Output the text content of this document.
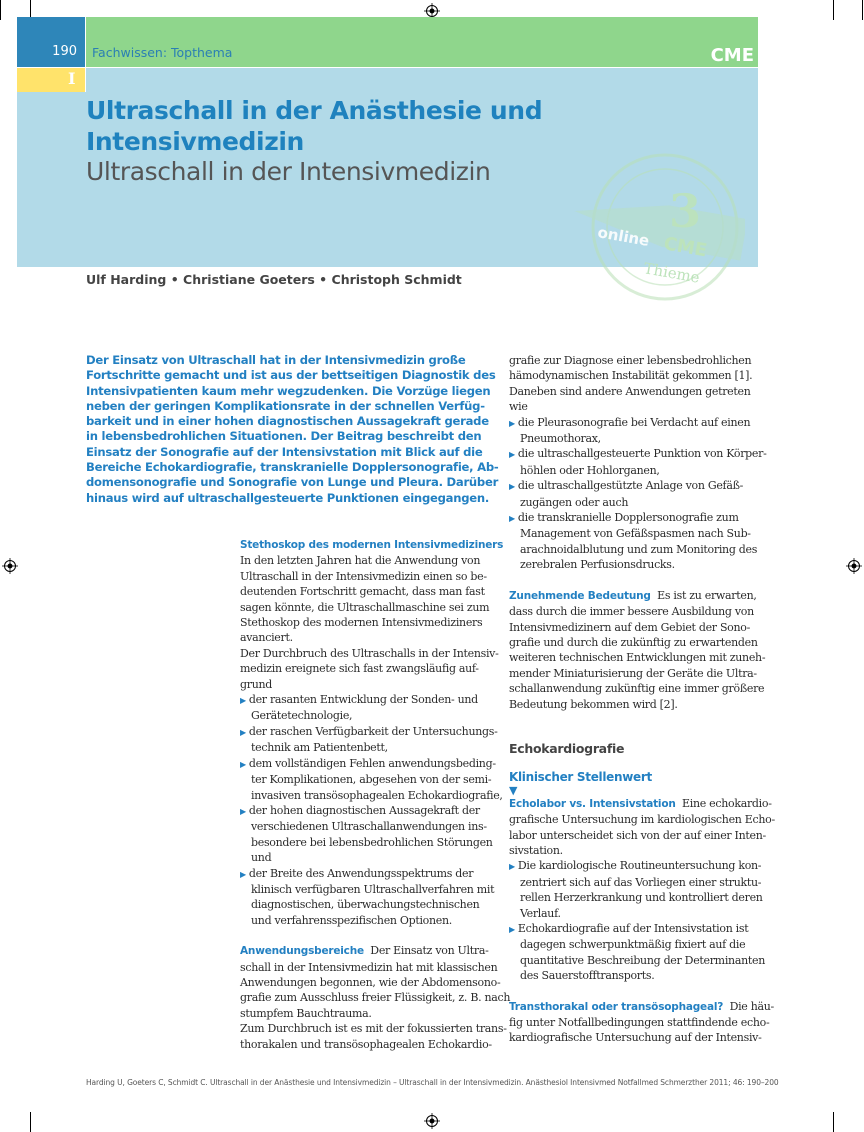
190 Fachwissen: Topthema	CME
I
Ultraschall in der Anästhesie und
Intensivmedizin
Ultraschall in der Intensivmedizin
3
online CME
Thieme
Ulf Harding • Christiane Goeters • Christoph Schmidt
Der Einsatz von Ultraschall hat in der Intensivmedizin große
Fortschritte gemacht und ist aus der bettseitigen Diagnostik des
Intensivpatienten kaum mehr wegzudenken. Die Vorzüge liegen
neben der geringen Komplikationsrate in der schnellen Verfüg-
barkeit und in einer hohen diagnostischen Aussagekraft gerade
in lebensbedrohlichen Situationen. Der Beitrag beschreibt den
Einsatz der Sonografie auf der Intensivstation mit Blick auf die
Bereiche Echokardiografie, transkranielle Dopplersonografie, Ab-
domensonografie und Sonografie von Lunge und Pleura. Darüber
hinaus wird auf ultraschallgesteuerte Punktionen eingegangen.
Stethoskop des modernen Intensivmediziners
In den letzten Jahren hat die Anwendung von
Ultraschall in der Intensivmedizin einen so be-
deutenden Fortschritt gemacht, dass man fast
sagen könnte, die Ultraschallmaschine sei zum
Stethoskop des modernen Intensivmediziners
avanciert.
Der Durchbruch des Ultraschalls in der Intensiv-
medizin ereignete sich fast zwangsläufig auf-
grund
▶ der rasanten Entwicklung der Sonden- und
Gerätetechnologie,
▶ der raschen Verfügbarkeit der Untersuchungs-
technik am Patientenbett,
▶ dem vollständigen Fehlen anwendungsbeding-
ter Komplikationen, abgesehen von der semi-
invasiven transösophagealen Echokardiografie,
▶ der hohen diagnostischen Aussagekraft der
verschiedenen Ultraschallanwendungen ins-
besondere bei lebensbedrohlichen Störungen
und
▶ der Breite des Anwendungsspektrums der
klinisch verfügbaren Ultraschallverfahren mit
diagnostischen, überwachungstechnischen
und verfahrensspezifischen Optionen.
Anwendungsbereiche Der Einsatz von Ultra-
schall in der Intensivmedizin hat mit klassischen
Anwendungen begonnen, wie der Abdomensono-
grafie zum Ausschluss freier Flüssigkeit, z. B. nach
stumpfem Bauchtrauma.
Zum Durchbruch ist es mit der fokussierten trans-
thorakalen und transösophagealen Echokardio-
grafie zur Diagnose einer lebensbedrohlichen
hämodynamischen Instabilität gekommen [1].
Daneben sind andere Anwendungen getreten
wie
▶ die Pleurasonografie bei Verdacht auf einen
Pneumothorax,
▶ die ultraschallgesteuerte Punktion von Körper-
höhlen oder Hohlorganen,
▶ die ultraschallgestützte Anlage von Gefäß-
zugängen oder auch
▶ die transkranielle Dopplersonografie zum
Management von Gefäßspasmen nach Sub-
arachnoidalblutung und zum Monitoring des
zerebralen Perfusionsdrucks.
Zunehmende Bedeutung Es ist zu erwarten,
dass durch die immer bessere Ausbildung von
Intensivmedizinern auf dem Gebiet der Sono-
grafie und durch die zukünftig zu erwartenden
weiteren technischen Entwicklungen mit zuneh-
mender Miniaturisierung der Geräte die Ultra-
schallanwendung zukünftig eine immer größere
Bedeutung bekommen wird [2].
Echokardiografie
Klinischer Stellenwert
▼
Echolabor vs. Intensivstation Eine echokardio-
grafische Untersuchung im kardiologischen Echo-
labor unterscheidet sich von der auf einer Inten-
sivstation.
▶ Die kardiologische Routineuntersuchung kon-
zentriert sich auf das Vorliegen einer struktu-
rellen Herzerkrankung und kontrolliert deren
Verlauf.
▶ Echokardiografie auf der Intensivstation ist
dagegen schwerpunktmäßig fixiert auf die
quantitative Beschreibung der Determinanten
des Sauerstofftransports.
Transthorakal oder transösophageal? Die häu-
fig unter Notfallbedingungen stattfindende echo-
kardiografische Untersuchung auf der Intensiv-
Harding U, Goeters C, Schmidt C. Ultraschall in der Anästhesie und Intensivmedizin – Ultraschall in der Intensivmedizin. Anästhesiol Intensivmed Notfallmed Schmerzther 2011; 46: 190–200
